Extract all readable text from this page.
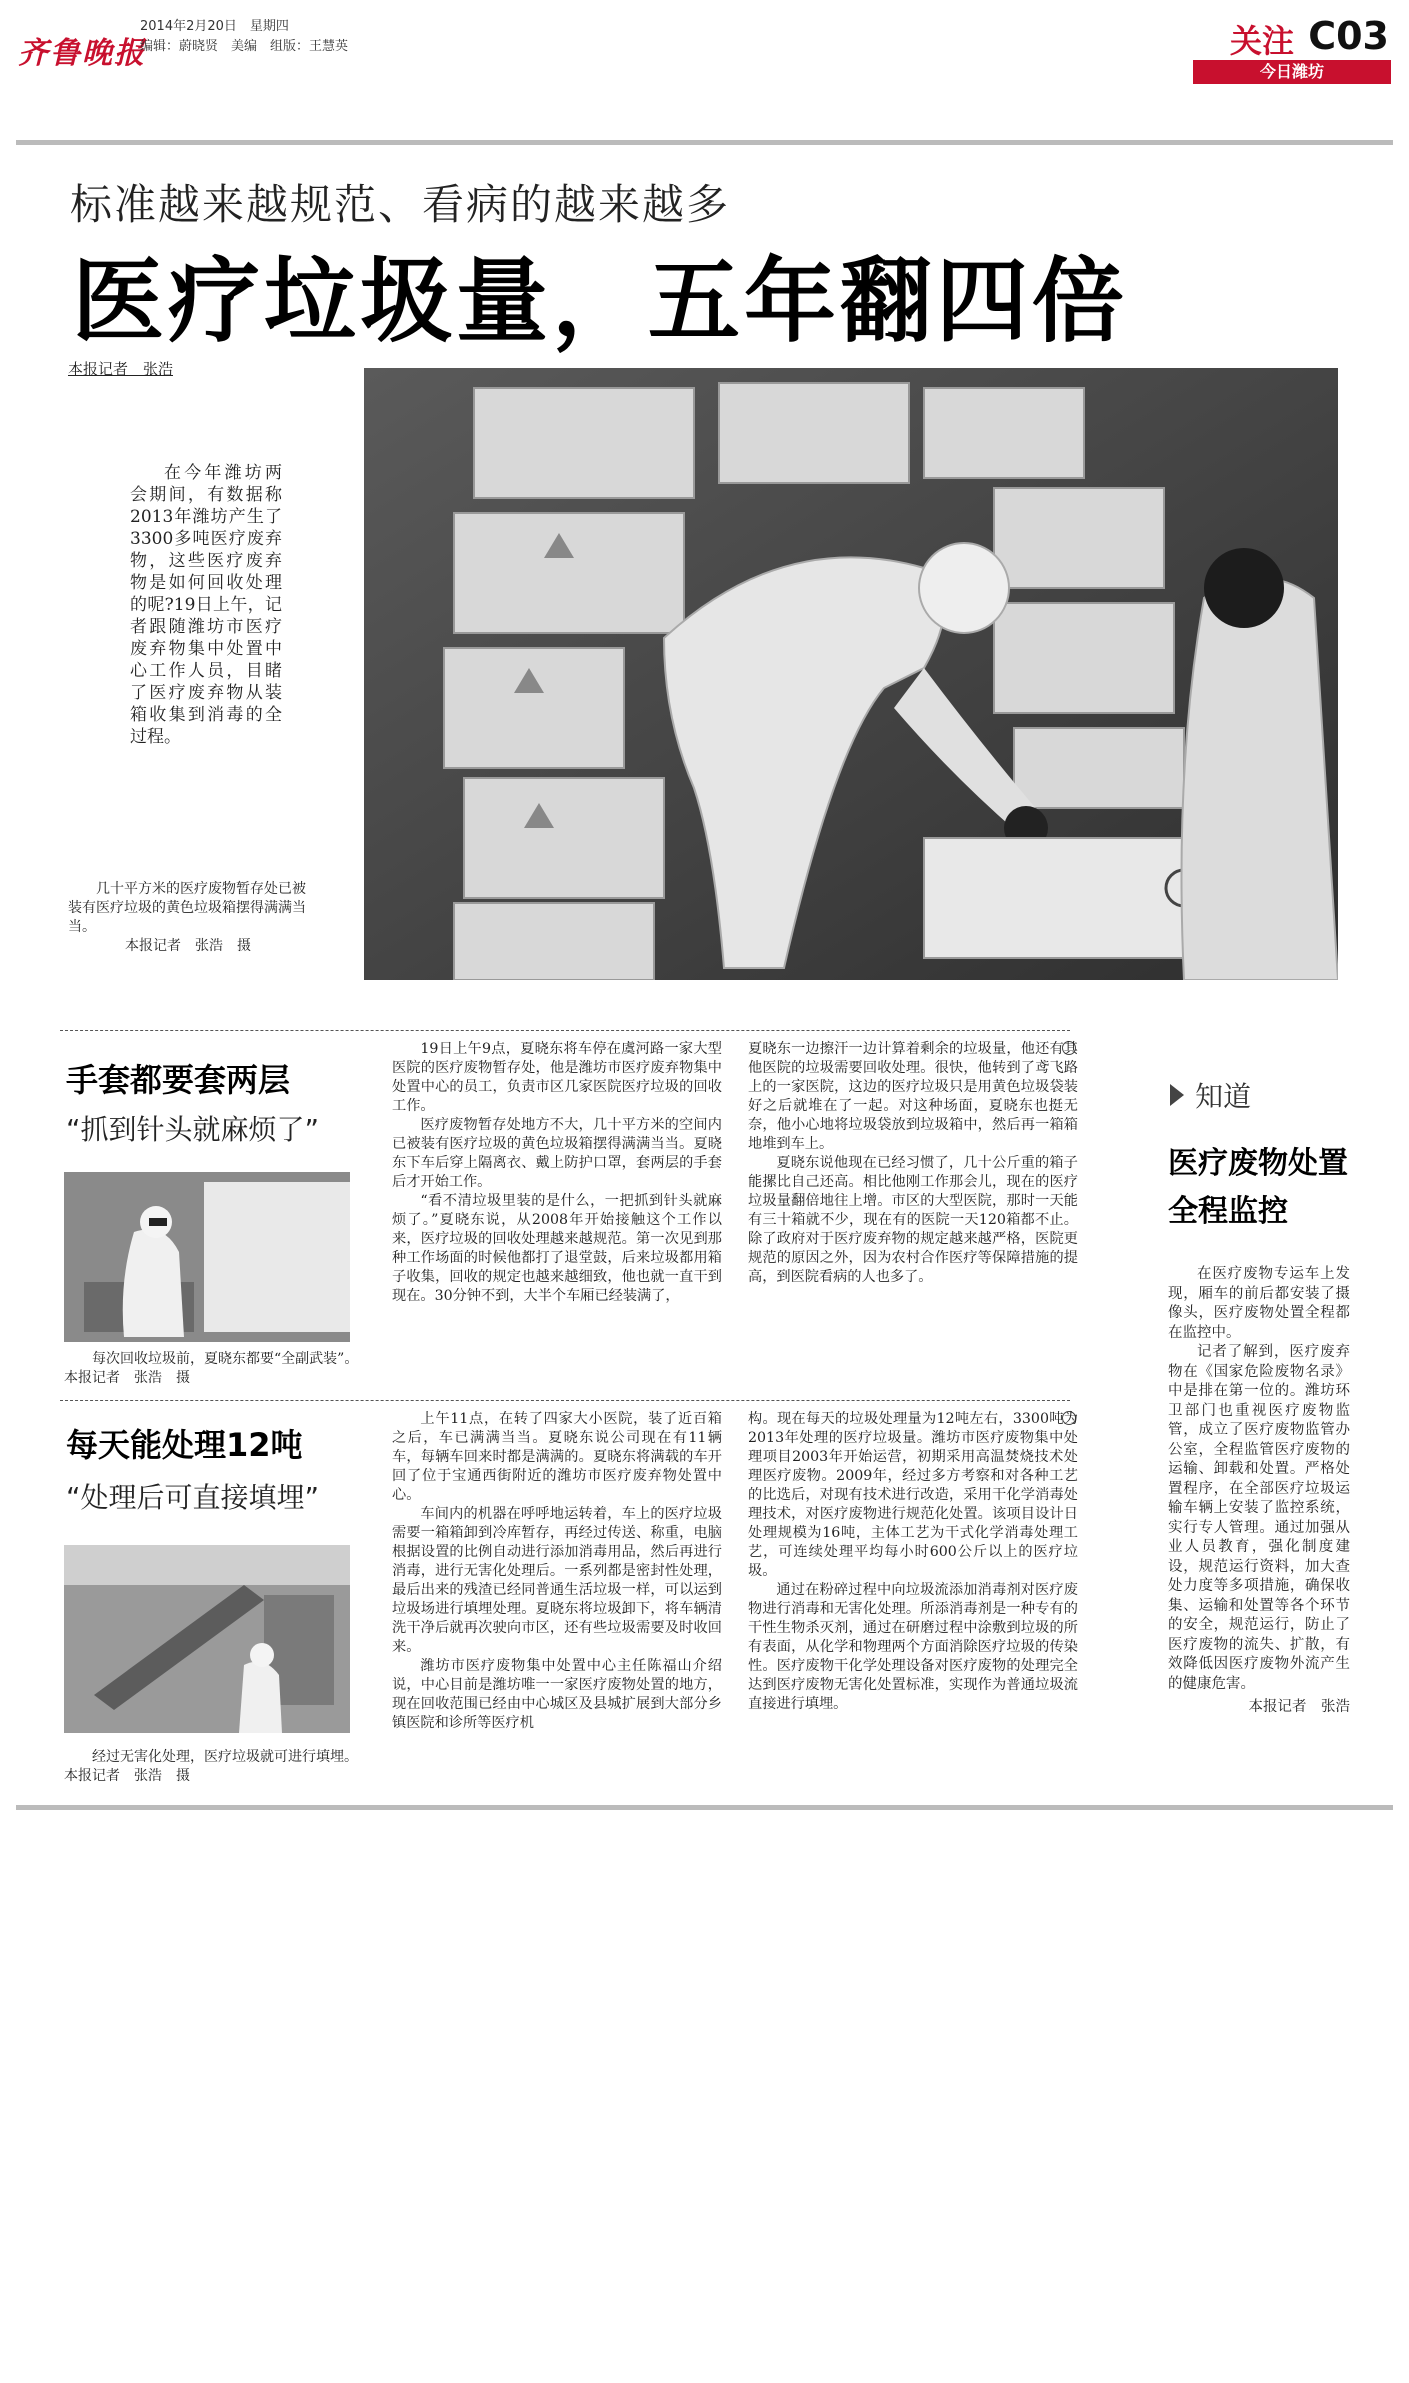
齐鲁晚报
2014年2月20日　星期四
编辑：蔚晓贤　美编　组版：王慧英	关注 C03
今日潍坊
标准越来越规范、看病的越来越多
医疗垃圾量，五年翻四倍
本报记者　张浩
在今年潍坊两会期间，有数据称2013年潍坊产生了3300多吨医疗废弃物，这些医疗废弃物是如何回收处理的呢?19日上午，记者跟随潍坊市医疗废弃物集中处置中心工作人员，目睹了医疗废弃物从装箱收集到消毒的全过程。
几十平方米的医疗废物暂存处已被装有医疗垃圾的黄色垃圾箱摆得满满当当。
本报记者　张浩　摄
手套都要套两层
“抓到针头就麻烦了”
每次回收垃圾前，夏晓东都要“全副武装”。　　本报记者　张浩　摄

19日上午9点，夏晓东将车停在虞河路一家大型医院的医疗废物暂存处，他是潍坊市医疗废弃物集中处置中心的员工，负责市区几家医院医疗垃圾的回收工作。

医疗废物暂存处地方不大，几十平方米的空间内已被装有医疗垃圾的黄色垃圾箱摆得满满当当。夏晓东下车后穿上隔离衣、戴上防护口罩，套两层的手套后才开始工作。

“看不清垃圾里装的是什么，一把抓到针头就麻烦了。”夏晓东说，从2008年开始接触这个工作以来，医疗垃圾的回收处理越来越规范。第一次见到那种工作场面的时候他都打了退堂鼓，后来垃圾都用箱子收集，回收的规定也越来越细致，他也就一直干到现在。30分钟不到，大半个车厢已经装满了，

夏晓东一边擦汗一边计算着剩余的垃圾量，他还有其他医院的垃圾需要回收处理。很快，他转到了鸢飞路上的一家医院，这边的医疗垃圾只是用黄色垃圾袋装好之后就堆在了一起。对这种场面，夏晓东也挺无奈，他小心地将垃圾袋放到垃圾箱中，然后再一箱箱地堆到车上。

夏晓东说他现在已经习惯了，几十公斤重的箱子能摞比自己还高。相比他刚工作那会儿，现在的医疗垃圾量翻倍地往上增。市区的大型医院，那时一天能有三十箱就不少，现在有的医院一天120箱都不止。除了政府对于医疗废弃物的规定越来越严格，医院更规范的原因之外，因为农村合作医疗等保障措施的提高，到医院看病的人也多了。

每天能处理12吨
“处理后可直接填埋”
经过无害化处理，医疗垃圾就可进行填埋。　　本报记者　张浩　摄

上午11点，在转了四家大小医院，装了近百箱之后，车已满满当当。夏晓东说公司现在有11辆车，每辆车回来时都是满满的。夏晓东将满载的车开回了位于宝通西街附近的潍坊市医疗废弃物处置中心。

车间内的机器在呼呼地运转着，车上的医疗垃圾需要一箱箱卸到冷库暂存，再经过传送、称重，电脑根据设置的比例自动进行添加消毒用品，然后再进行消毒，进行无害化处理后。一系列都是密封性处理，最后出来的残渣已经同普通生活垃圾一样，可以运到垃圾场进行填埋处理。夏晓东将垃圾卸下，将车辆清洗干净后就再次驶向市区，还有些垃圾需要及时收回来。

潍坊市医疗废物集中处置中心主任陈福山介绍说，中心目前是潍坊唯一一家医疗废物处置的地方，现在回收范围已经由中心城区及县城扩展到大部分乡镇医院和诊所等医疗机

构。现在每天的垃圾处理量为12吨左右，3300吨为2013年处理的医疗垃圾量。潍坊市医疗废物集中处理项目2003年开始运营，初期采用高温焚烧技术处理医疗废物。2009年，经过多方考察和对各种工艺的比选后，对现有技术进行改造，采用干化学消毒处理技术，对医疗废物进行规范化处置。该项目设计日处理规模为16吨，主体工艺为干式化学消毒处理工艺，可连续处理平均每小时600公斤以上的医疗垃圾。

通过在粉碎过程中向垃圾流添加消毒剂对医疗废物进行消毒和无害化处理。所添消毒剂是一种专有的干性生物杀灭剂，通过在研磨过程中涂敷到垃圾的所有表面，从化学和物理两个方面消除医疗垃圾的传染性。医疗废物干化学处理设备对医疗废物的处理完全达到医疗废物无害化处置标准，实现作为普通垃圾流直接进行填埋。

知道
医疗废物处置
全程监控

在医疗废物专运车上发现，厢车的前后都安装了摄像头，医疗废物处置全程都在监控中。

记者了解到，医疗废弃物在《国家危险废物名录》中是排在第一位的。潍坊环卫部门也重视医疗废物监管，成立了医疗废物监管办公室，全程监管医疗废物的运输、卸载和处置。严格处置程序，在全部医疗垃圾运输车辆上安装了监控系统，实行专人管理。通过加强从业人员教育，强化制度建设，规范运行资料，加大查处力度等多项措施，确保收集、运输和处置等各个环节的安全，规范运行，防止了医疗废物的流失、扩散，有效降低因医疗废物外流产生的健康危害。

本报记者　张浩
